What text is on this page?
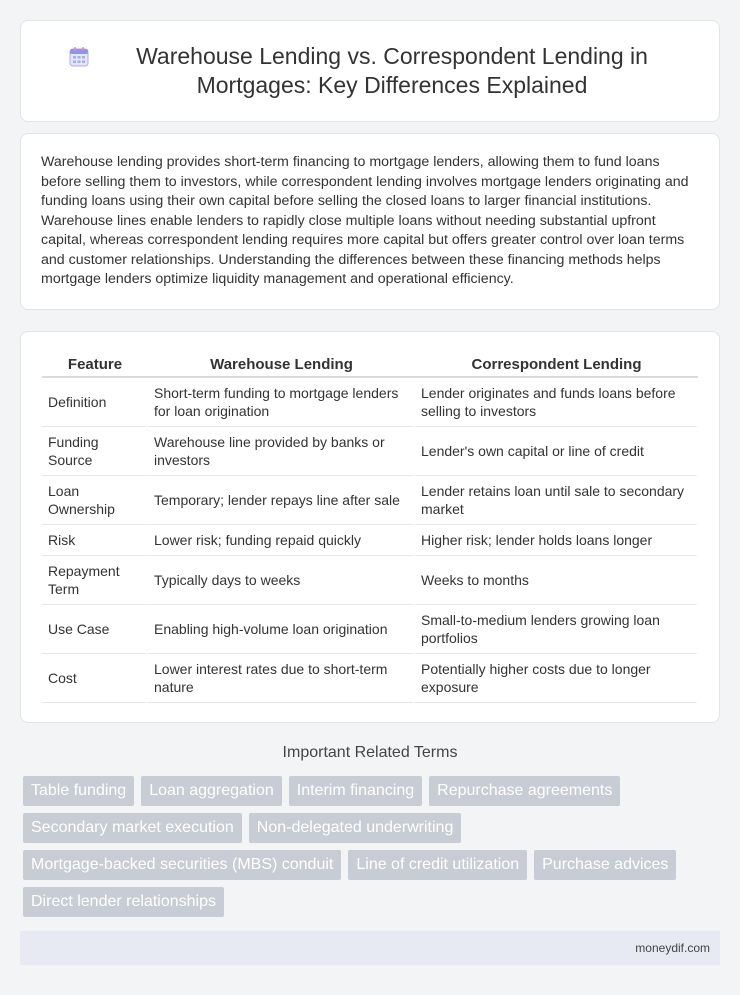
Warehouse Lending vs. Correspondent Lending in Mortgages: Key Differences Explained

Warehouse lending provides short-term financing to mortgage lenders, allowing them to fund loans before selling them to investors, while correspondent lending involves mortgage lenders originating and funding loans using their own capital before selling the closed loans to larger financial institutions. Warehouse lines enable lenders to rapidly close multiple loans without needing substantial upfront capital, whereas correspondent lending requires more capital but offers greater control over loan terms and customer relationships. Understanding the differences between these financing methods helps mortgage lenders optimize liquidity management and operational efficiency.

Feature	Warehouse Lending	Correspondent Lending
Definition	Short-term funding to mortgage lenders for loan origination	Lender originates and funds loans before selling to investors
Funding Source	Warehouse line provided by banks or investors	Lender's own capital or line of credit
Loan Ownership	Temporary; lender repays line after sale	Lender retains loan until sale to secondary market
Risk	Lower risk; funding repaid quickly	Higher risk; lender holds loans longer
Repayment Term	Typically days to weeks	Weeks to months
Use Case	Enabling high-volume loan origination	Small-to-medium lenders growing loan portfolios
Cost	Lower interest rates due to short-term nature	Potentially higher costs due to longer exposure
Important Related Terms
Table funding	Loan aggregation	Interim financing	Repurchase agreements
Secondary market execution	Non-delegated underwriting
Mortgage-backed securities (MBS) conduit	Line of credit utilization	Purchase advices
Direct lender relationships
moneydif.com
